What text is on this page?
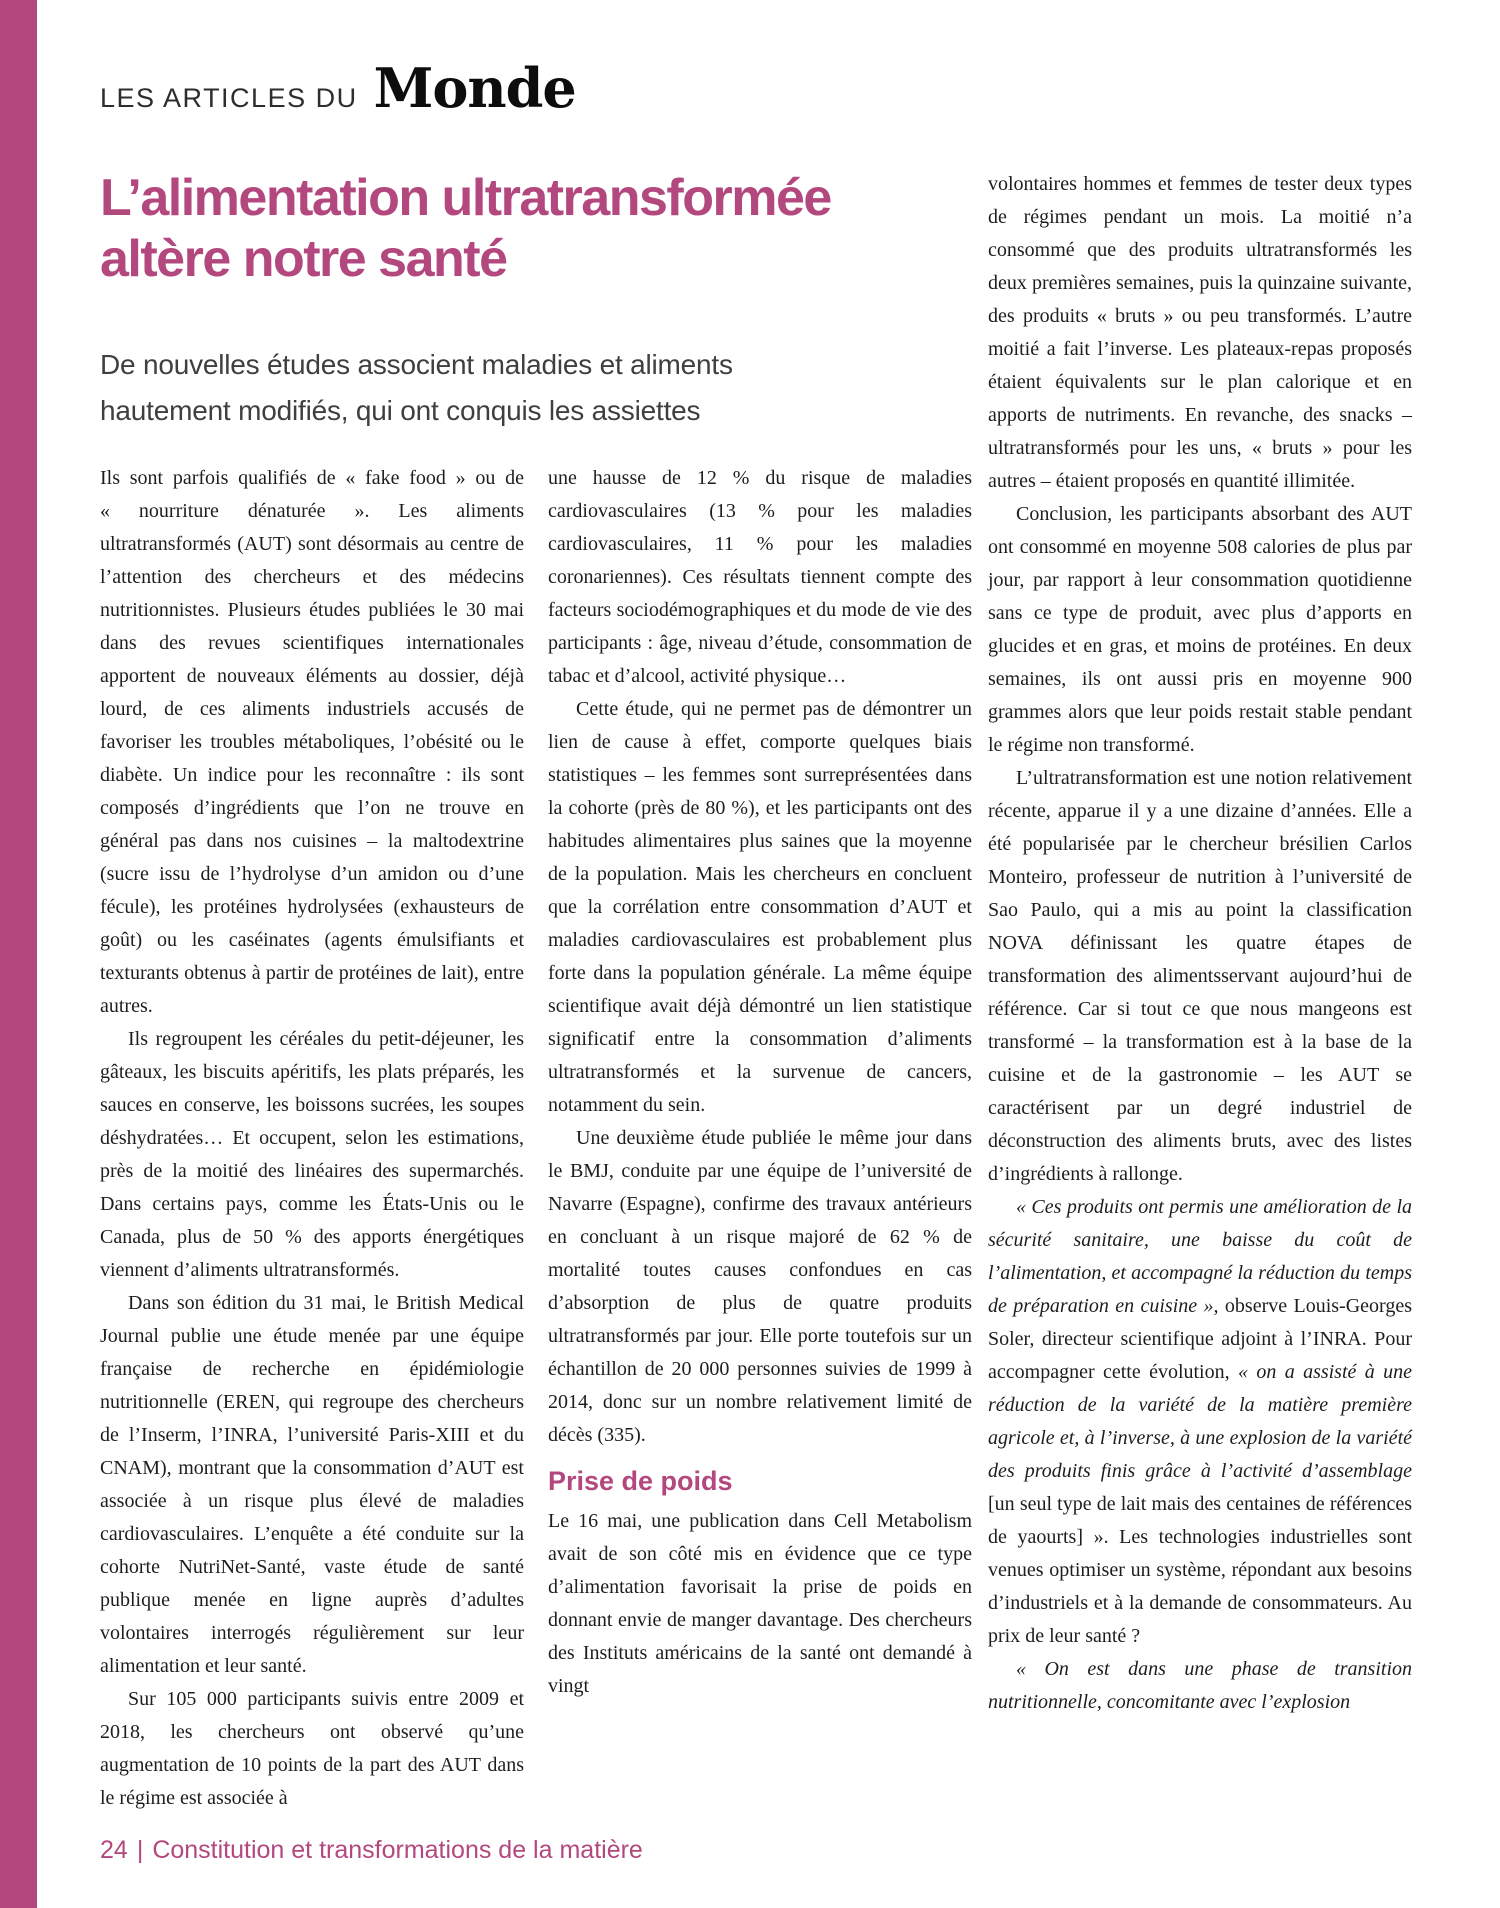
LES ARTICLES DU Monde
L’alimentation ultratransformée
altère notre santé

De nouvelles études associent maladies et aliments hautement modifiés, qui ont conquis les assiettes

Ils sont parfois qualifiés de « fake food » ou de « nourriture dénaturée ». Les aliments ultratransformés (AUT) sont désormais au centre de l’attention des chercheurs et des médecins nutritionnistes. Plusieurs études publiées le 30 mai dans des revues scientifiques internationales apportent de nouveaux éléments au dossier, déjà lourd, de ces aliments industriels accusés de favoriser les troubles métaboliques, l’obésité ou le diabète. Un indice pour les reconnaître : ils sont composés d’ingrédients que l’on ne trouve en général pas dans nos cuisines – la maltodextrine (sucre issu de l’hydrolyse d’un amidon ou d’une fécule), les protéines hydrolysées (exhausteurs de goût) ou les caséinates (agents émulsifiants et texturants obtenus à partir de protéines de lait), entre autres.

Ils regroupent les céréales du petit-déjeuner, les gâteaux, les biscuits apéritifs, les plats préparés, les sauces en conserve, les boissons sucrées, les soupes déshydratées… Et occupent, selon les estimations, près de la moitié des linéaires des supermarchés. Dans certains pays, comme les États-Unis ou le Canada, plus de 50 % des apports énergétiques viennent d’aliments ultratransformés.

Dans son édition du 31 mai, le British Medical Journal publie une étude menée par une équipe française de recherche en épidémiologie nutritionnelle (EREN, qui regroupe des chercheurs de l’Inserm, l’INRA, l’université Paris-XIII et du CNAM), montrant que la consommation d’AUT est associée à un risque plus élevé de maladies cardiovasculaires. L’enquête a été conduite sur la cohorte NutriNet-Santé, vaste étude de santé publique menée en ligne auprès d’adultes volontaires interrogés régulièrement sur leur alimentation et leur santé.

Sur 105 000 participants suivis entre 2009 et 2018, les chercheurs ont observé qu’une augmentation de 10 points de la part des AUT dans le régime est associée à

une hausse de 12 % du risque de maladies cardiovasculaires (13 % pour les maladies cardiovasculaires, 11 % pour les maladies coronariennes). Ces résultats tiennent compte des facteurs sociodémographiques et du mode de vie des participants : âge, niveau d’étude, consommation de tabac et d’alcool, activité physique…

Cette étude, qui ne permet pas de démontrer un lien de cause à effet, comporte quelques biais statistiques – les femmes sont surreprésentées dans la cohorte (près de 80 %), et les participants ont des habitudes alimentaires plus saines que la moyenne de la population. Mais les chercheurs en concluent que la corrélation entre consommation d’AUT et maladies cardiovasculaires est probablement plus forte dans la population générale. La même équipe scientifique avait déjà démontré un lien statistique significatif entre la consommation d’aliments ultratransformés et la survenue de cancers, notamment du sein.

Une deuxième étude publiée le même jour dans le BMJ, conduite par une équipe de l’université de Navarre (Espagne), confirme des travaux antérieurs en concluant à un risque majoré de 62 % de mortalité toutes causes confondues en cas d’absorption de plus de quatre produits ultratransformés par jour. Elle porte toutefois sur un échantillon de 20 000 personnes suivies de 1999 à 2014, donc sur un nombre relativement limité de décès (335).

Prise de poids

Le 16 mai, une publication dans Cell Metabolism avait de son côté mis en évidence que ce type d’alimentation favorisait la prise de poids en donnant envie de manger davantage. Des chercheurs des Instituts américains de la santé ont demandé à vingt

volontaires hommes et femmes de tester deux types de régimes pendant un mois. La moitié n’a consommé que des produits ultratransformés les deux premières semaines, puis la quinzaine suivante, des produits « bruts » ou peu transformés. L’autre moitié a fait l’inverse. Les plateaux-repas proposés étaient équivalents sur le plan calorique et en apports de nutriments. En revanche, des snacks – ultratransformés pour les uns, « bruts » pour les autres – étaient proposés en quantité illimitée.

Conclusion, les participants absorbant des AUT ont consommé en moyenne 508 calories de plus par jour, par rapport à leur consommation quotidienne sans ce type de produit, avec plus d’apports en glucides et en gras, et moins de protéines. En deux semaines, ils ont aussi pris en moyenne 900 grammes alors que leur poids restait stable pendant le régime non transformé.

L’ultratransformation est une notion relativement récente, apparue il y a une dizaine d’années. Elle a été popularisée par le chercheur brésilien Carlos Monteiro, professeur de nutrition à l’université de Sao Paulo, qui a mis au point la classification NOVA définissant les quatre étapes de transformation des alimentsservant aujourd’hui de référence. Car si tout ce que nous mangeons est transformé – la transformation est à la base de la cuisine et de la gastronomie – les AUT se caractérisent par un degré industriel de déconstruction des aliments bruts, avec des listes d’ingrédients à rallonge.

« Ces produits ont permis une amélioration de la sécurité sanitaire, une baisse du coût de l’alimentation, et accompagné la réduction du temps de préparation en cuisine », observe Louis-Georges Soler, directeur scientifique adjoint à l’INRA. Pour accompagner cette évolution, « on a assisté à une réduction de la variété de la matière première agricole et, à l’inverse, à une explosion de la variété des produits finis grâce à l’activité d’assemblage [un seul type de lait mais des centaines de références de yaourts] ». Les technologies industrielles sont venues optimiser un système, répondant aux besoins d’industriels et à la demande de consommateurs. Au prix de leur santé ?

« On est dans une phase de transition nutritionnelle, concomitante avec l’explosion

24 | Constitution et transformations de la matière
